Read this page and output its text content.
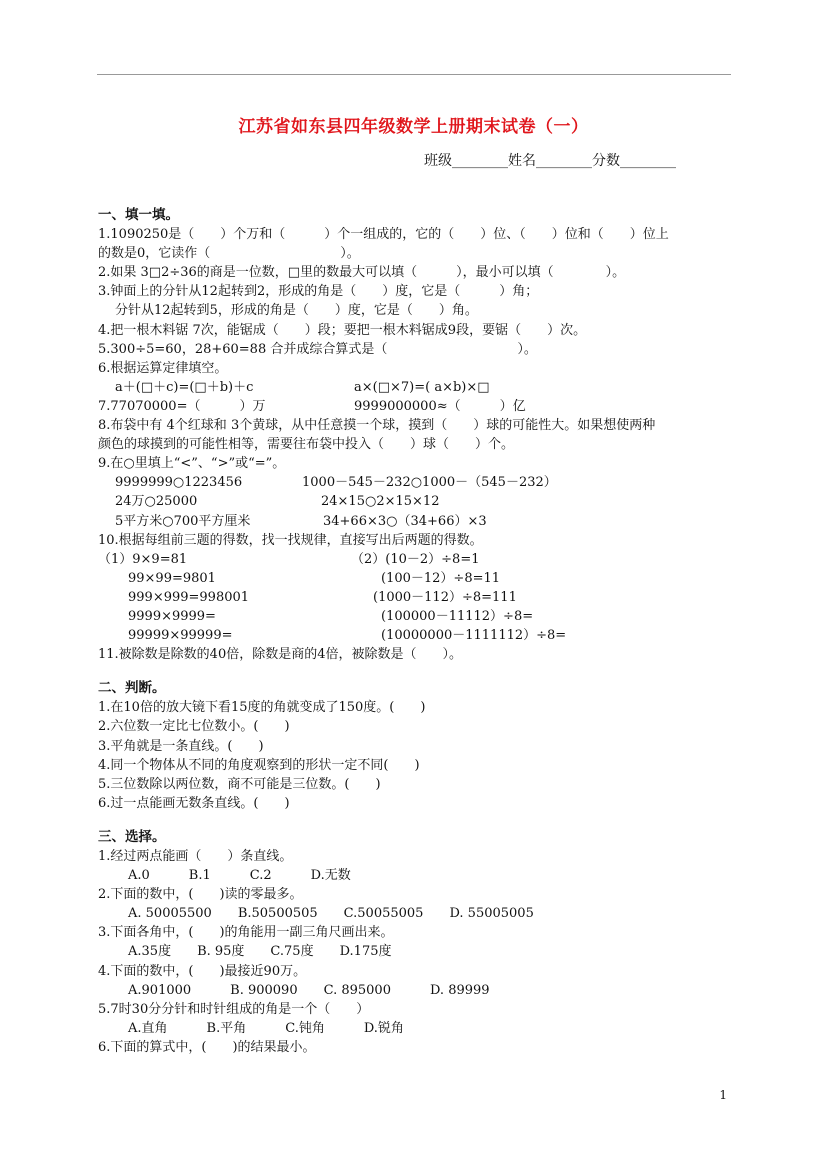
江苏省如东县四年级数学上册期末试卷（一）
班级________姓名________分数________
一、填一填。
1.1090250是（　　）个万和（　　　）个一组成的，它的（　　）位、（　　）位和（　　）位上
的数是0，它读作（　　　　　　　　　　）。
2.如果 3□2÷36的商是一位数，□里的数最大可以填（　　　），最小可以填（　　　　）。
3.钟面上的分针从12起转到2，形成的角是（　　）度，它是（　　　）角；
分针从12起转到5，形成的角是（　　）度，它是（　　）角。
4.把一根木料锯 7次，能锯成（　　）段；要把一根木料锯成9段，要锯（　　）次。
5.300÷5=60，28+60=88 合并成综合算式是（　　　　　　　　　　）。
6.根据运算定律填空。
a＋(□＋c)=(□＋b)＋c	a×(□×7)=( a×b)×□
7.77070000=（　　　）万	9999000000≈（　　　）亿
8.布袋中有 4个红球和 3个黄球，从中任意摸一个球，摸到（　　）球的可能性大。如果想使两种
颜色的球摸到的可能性相等，需要往布袋中投入（　　）球（　　）个。
9.在○里填上“<”、“>”或“=”。
9999999○1223456	1000－545－232○1000－（545－232）
24万○25000	24×15○2×15×12
5平方米○700平方厘米	34+66×3○（34+66）×3
10.根据每组前三题的得数，找一找规律，直接写出后两题的得数。
（1）9×9=81	（2）(10－2）÷8=1
99×99=9801	(100－12）÷8=11
999×999=998001	(1000－112）÷8=111
9999×9999=	(100000－11112）÷8=
99999×99999=	(10000000－1111112）÷8=
11.被除数是除数的40倍，除数是商的4倍，被除数是（　　）。
二、判断。
1.在10倍的放大镜下看15度的角就变成了150度。(　　)
2.六位数一定比七位数小。(　　)
3.平角就是一条直线。(　　)
4.同一个物体从不同的角度观察到的形状一定不同(　　)
5.三位数除以两位数，商不可能是三位数。(　　)
6.过一点能画无数条直线。(　　)
三、选择。
1.经过两点能画（　　）条直线。
A.0　　　B.1　　　C.2　　　D.无数
2.下面的数中，(　　)读的零最多。
A. 50005500　　B.50500505　　C.50055005　　D. 55005005
3.下面各角中，(　　)的角能用一副三角尺画出来。
A.35度　　B. 95度　　C.75度　　D.175度
4.下面的数中，(　　)最接近90万。
A.901000　　　B. 900090　　C. 895000　　　D. 89999
5.7时30分分针和时针组成的角是一个（　　）
A.直角　　　B.平角　　　C.钝角　　　D.锐角
6.下面的算式中，(　　)的结果最小。
1
